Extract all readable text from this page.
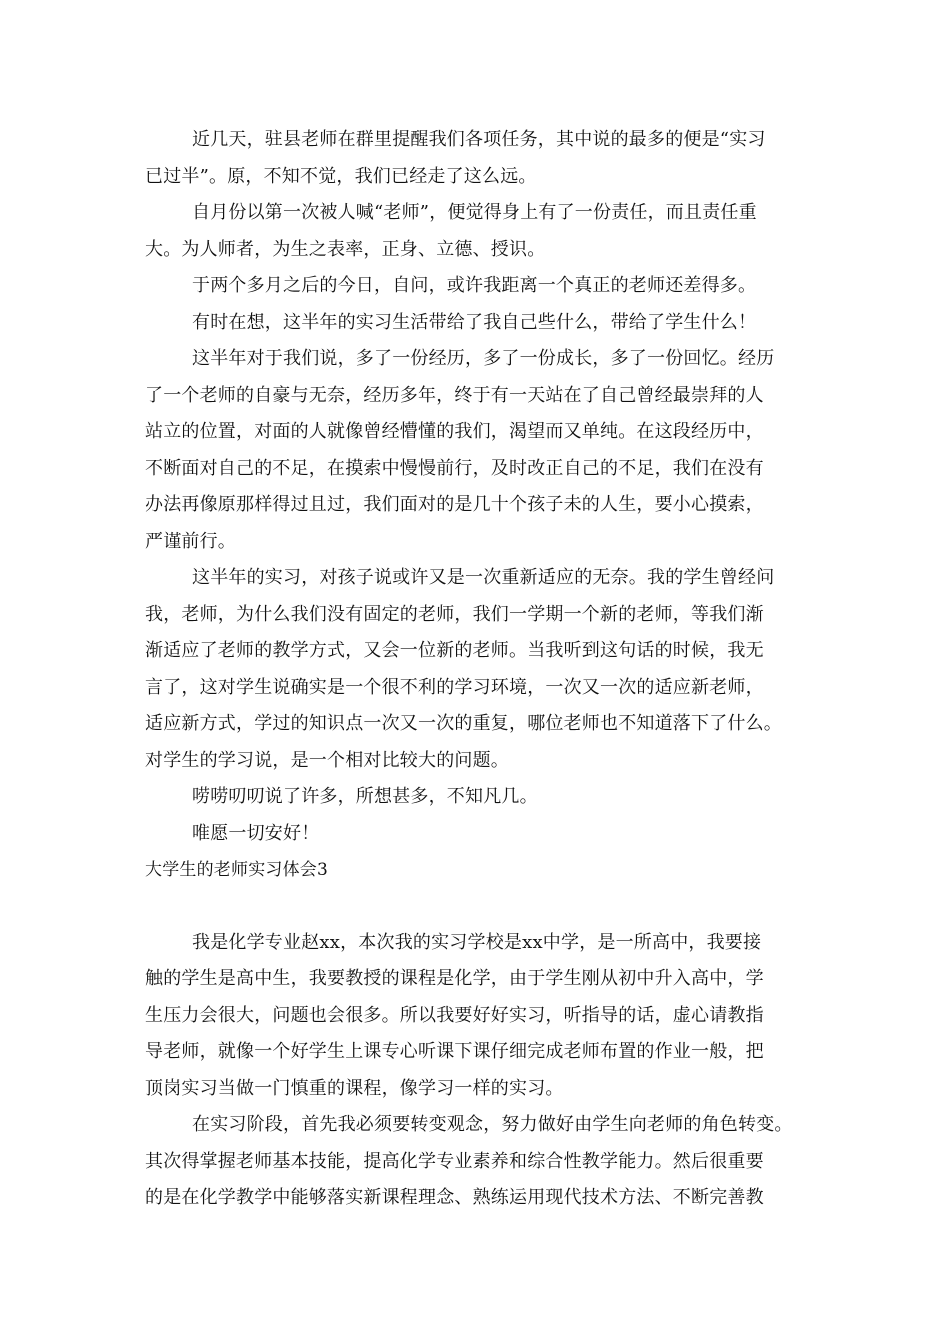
近几天，驻县老师在群里提醒我们各项任务，其中说的最多的便是“实习
已过半”。原，不知不觉，我们已经走了这么远。
自月份以第一次被人喊“老师”，便觉得身上有了一份责任，而且责任重
大。为人师者，为生之表率，正身、立德、授识。
于两个多月之后的今日，自问，或许我距离一个真正的老师还差得多。
有时在想，这半年的实习生活带给了我自己些什么，带给了学生什么！
这半年对于我们说，多了一份经历，多了一份成长，多了一份回忆。经历
了一个老师的自豪与无奈，经历多年，终于有一天站在了自己曾经最崇拜的人
站立的位置，对面的人就像曾经懵懂的我们，渴望而又单纯。在这段经历中，
不断面对自己的不足，在摸索中慢慢前行，及时改正自己的不足，我们在没有
办法再像原那样得过且过，我们面对的是几十个孩子未的人生，要小心摸索，
严谨前行。
这半年的实习，对孩子说或许又是一次重新适应的无奈。我的学生曾经问
我，老师，为什么我们没有固定的老师，我们一学期一个新的老师，等我们渐
渐适应了老师的教学方式，又会一位新的老师。当我听到这句话的时候，我无
言了，这对学生说确实是一个很不利的学习环境，一次又一次的适应新老师，
适应新方式，学过的知识点一次又一次的重复，哪位老师也不知道落下了什么。
对学生的学习说，是一个相对比较大的问题。
唠唠叨叨说了许多，所想甚多，不知凡几。
唯愿一切安好！
大学生的老师实习体会3
我是化学专业赵xx，本次我的实习学校是xx中学，是一所高中，我要接
触的学生是高中生，我要教授的课程是化学，由于学生刚从初中升入高中，学
生压力会很大，问题也会很多。所以我要好好实习，听指导的话，虚心请教指
导老师，就像一个好学生上课专心听课下课仔细完成老师布置的作业一般，把
顶岗实习当做一门慎重的课程，像学习一样的实习。
在实习阶段，首先我必须要转变观念，努力做好由学生向老师的角色转变。
其次得掌握老师基本技能，提高化学专业素养和综合性教学能力。然后很重要
的是在化学教学中能够落实新课程理念、熟练运用现代技术方法、不断完善教
